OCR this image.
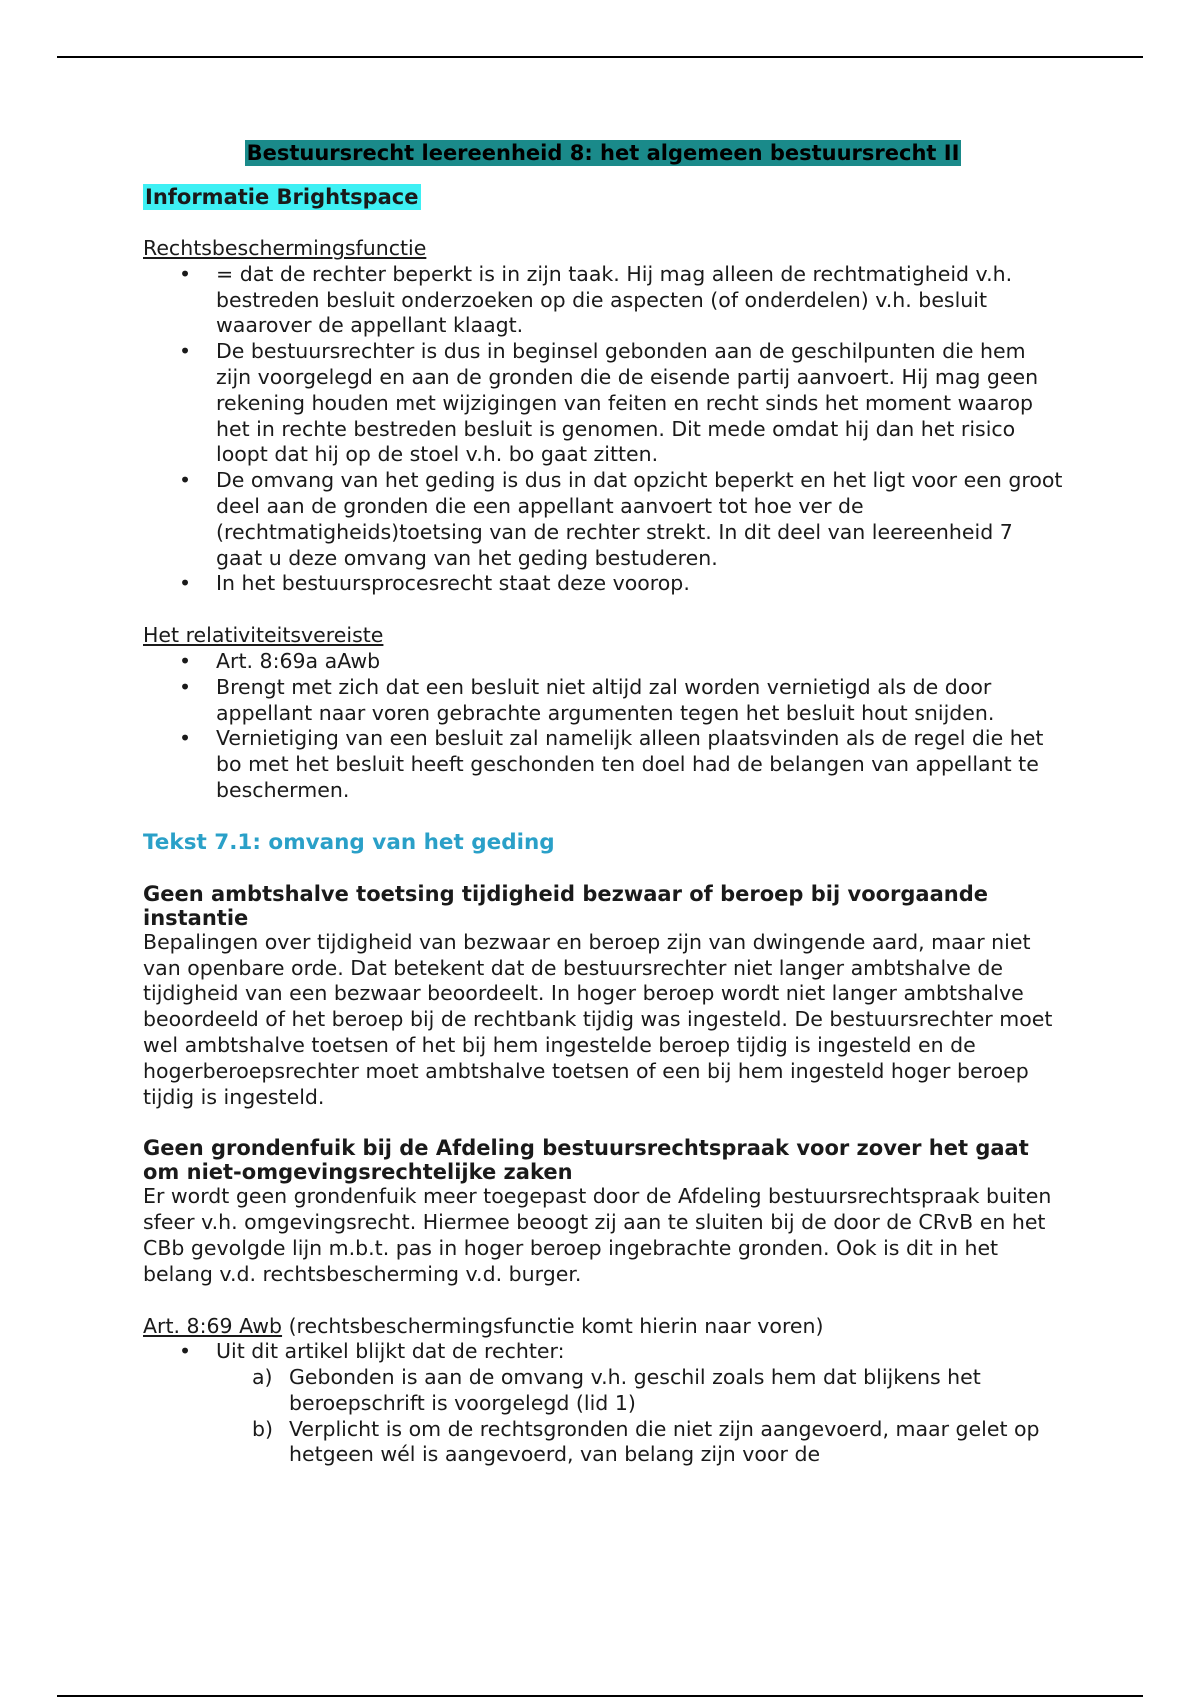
Bestuursrecht leereenheid 8: het algemeen bestuursrecht II
Informatie Brightspace
Rechtsbeschermingsfunctie
• = dat de rechter beperkt is in zijn taak. Hij mag alleen de rechtmatigheid v.h. bestreden besluit onderzoeken op die aspecten (of onderdelen) v.h. besluit waarover de appellant klaagt.
• De bestuursrechter is dus in beginsel gebonden aan de geschilpunten die hem zijn voorgelegd en aan de gronden die de eisende partij aanvoert. Hij mag geen rekening houden met wijzigingen van feiten en recht sinds het moment waarop het in rechte bestreden besluit is genomen. Dit mede omdat hij dan het risico loopt dat hij op de stoel v.h. bo gaat zitten.
• De omvang van het geding is dus in dat opzicht beperkt en het ligt voor een groot deel aan de gronden die een appellant aanvoert tot hoe ver de (rechtmatigheids)toetsing van de rechter strekt. In dit deel van leereenheid 7 gaat u deze omvang van het geding bestuderen.
• In het bestuursprocesrecht staat deze voorop.
Het relativiteitsvereiste
• Art. 8:69a aAwb
• Brengt met zich dat een besluit niet altijd zal worden vernietigd als de door appellant naar voren gebrachte argumenten tegen het besluit hout snijden.
• Vernietiging van een besluit zal namelijk alleen plaatsvinden als de regel die het bo met het besluit heeft geschonden ten doel had de belangen van appellant te beschermen.
Tekst 7.1: omvang van het geding
Geen ambtshalve toetsing tijdigheid bezwaar of beroep bij voorgaande instantie

Bepalingen over tijdigheid van bezwaar en beroep zijn van dwingende aard, maar niet van openbare orde. Dat betekent dat de bestuursrechter niet langer ambtshalve de tijdigheid van een bezwaar beoordeelt. In hoger beroep wordt niet langer ambtshalve beoordeeld of het beroep bij de rechtbank tijdig was ingesteld. De bestuursrechter moet wel ambtshalve toetsen of het bij hem ingestelde beroep tijdig is ingesteld en de hogerberoepsrechter moet ambtshalve toetsen of een bij hem ingesteld hoger beroep tijdig is ingesteld.

Geen grondenfuik bij de Afdeling bestuursrechtspraak voor zover het gaat om niet-omgevingsrechtelijke zaken

Er wordt geen grondenfuik meer toegepast door de Afdeling bestuursrechtspraak buiten sfeer v.h. omgevingsrecht. Hiermee beoogt zij aan te sluiten bij de door de CRvB en het CBb gevolgde lijn m.b.t. pas in hoger beroep ingebrachte gronden. Ook is dit in het belang v.d. rechtsbescherming v.d. burger.

Art. 8:69 Awb (rechtsbeschermingsfunctie komt hierin naar voren)
• Uit dit artikel blijkt dat de rechter:
a) Gebonden is aan de omvang v.h. geschil zoals hem dat blijkens het beroepschrift is voorgelegd (lid 1)
b) Verplicht is om de rechtsgronden die niet zijn aangevoerd, maar gelet op hetgeen wél is aangevoerd, van belang zijn voor de
